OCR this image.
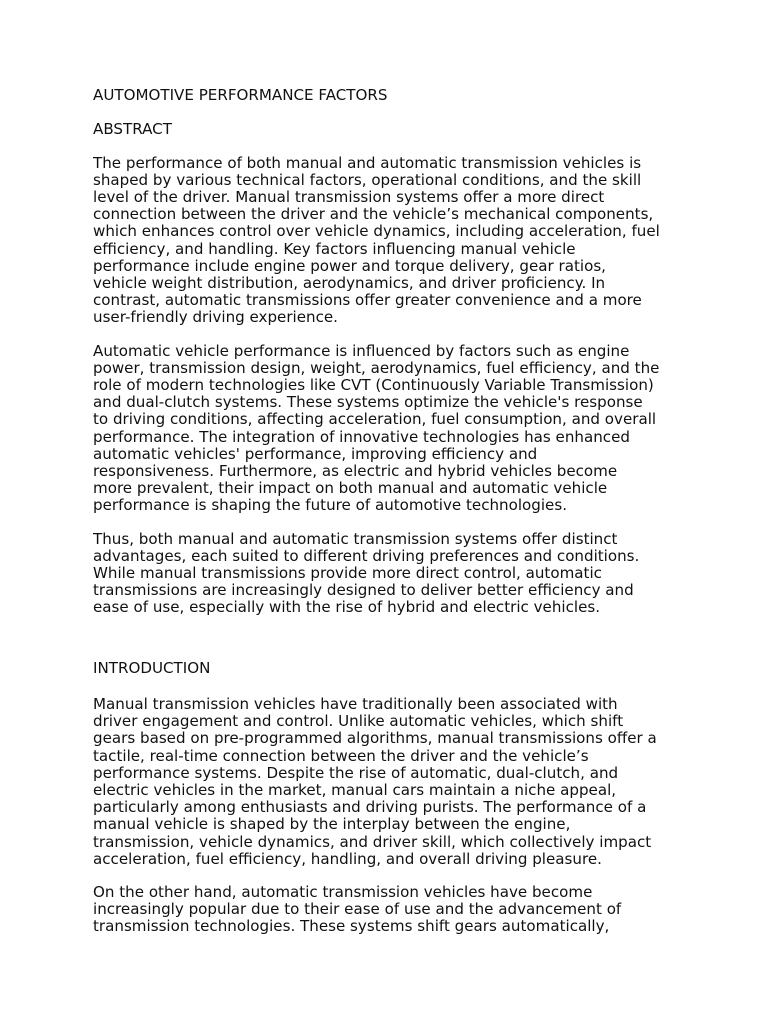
AUTOMOTIVE PERFORMANCE FACTORS

ABSTRACT

The performance of both manual and automatic transmission vehicles is

shaped by various technical factors, operational conditions, and the skill

level of the driver. Manual transmission systems offer a more direct

connection between the driver and the vehicle’s mechanical components,

which enhances control over vehicle dynamics, including acceleration, fuel

efficiency, and handling. Key factors influencing manual vehicle

performance include engine power and torque delivery, gear ratios,

vehicle weight distribution, aerodynamics, and driver proficiency. In

contrast, automatic transmissions offer greater convenience and a more

user-friendly driving experience.

Automatic vehicle performance is influenced by factors such as engine

power, transmission design, weight, aerodynamics, fuel efficiency, and the

role of modern technologies like CVT (Continuously Variable Transmission)

and dual-clutch systems. These systems optimize the vehicle's response

to driving conditions, affecting acceleration, fuel consumption, and overall

performance. The integration of innovative technologies has enhanced

automatic vehicles' performance, improving efficiency and

responsiveness. Furthermore, as electric and hybrid vehicles become

more prevalent, their impact on both manual and automatic vehicle

performance is shaping the future of automotive technologies.

Thus, both manual and automatic transmission systems offer distinct

advantages, each suited to different driving preferences and conditions.

While manual transmissions provide more direct control, automatic

transmissions are increasingly designed to deliver better efficiency and

ease of use, especially with the rise of hybrid and electric vehicles.

INTRODUCTION

Manual transmission vehicles have traditionally been associated with

driver engagement and control. Unlike automatic vehicles, which shift

gears based on pre-programmed algorithms, manual transmissions offer a

tactile, real-time connection between the driver and the vehicle’s

performance systems. Despite the rise of automatic, dual-clutch, and

electric vehicles in the market, manual cars maintain a niche appeal,

particularly among enthusiasts and driving purists. The performance of a

manual vehicle is shaped by the interplay between the engine,

transmission, vehicle dynamics, and driver skill, which collectively impact

acceleration, fuel efficiency, handling, and overall driving pleasure.

On the other hand, automatic transmission vehicles have become

increasingly popular due to their ease of use and the advancement of

transmission technologies. These systems shift gears automatically,
